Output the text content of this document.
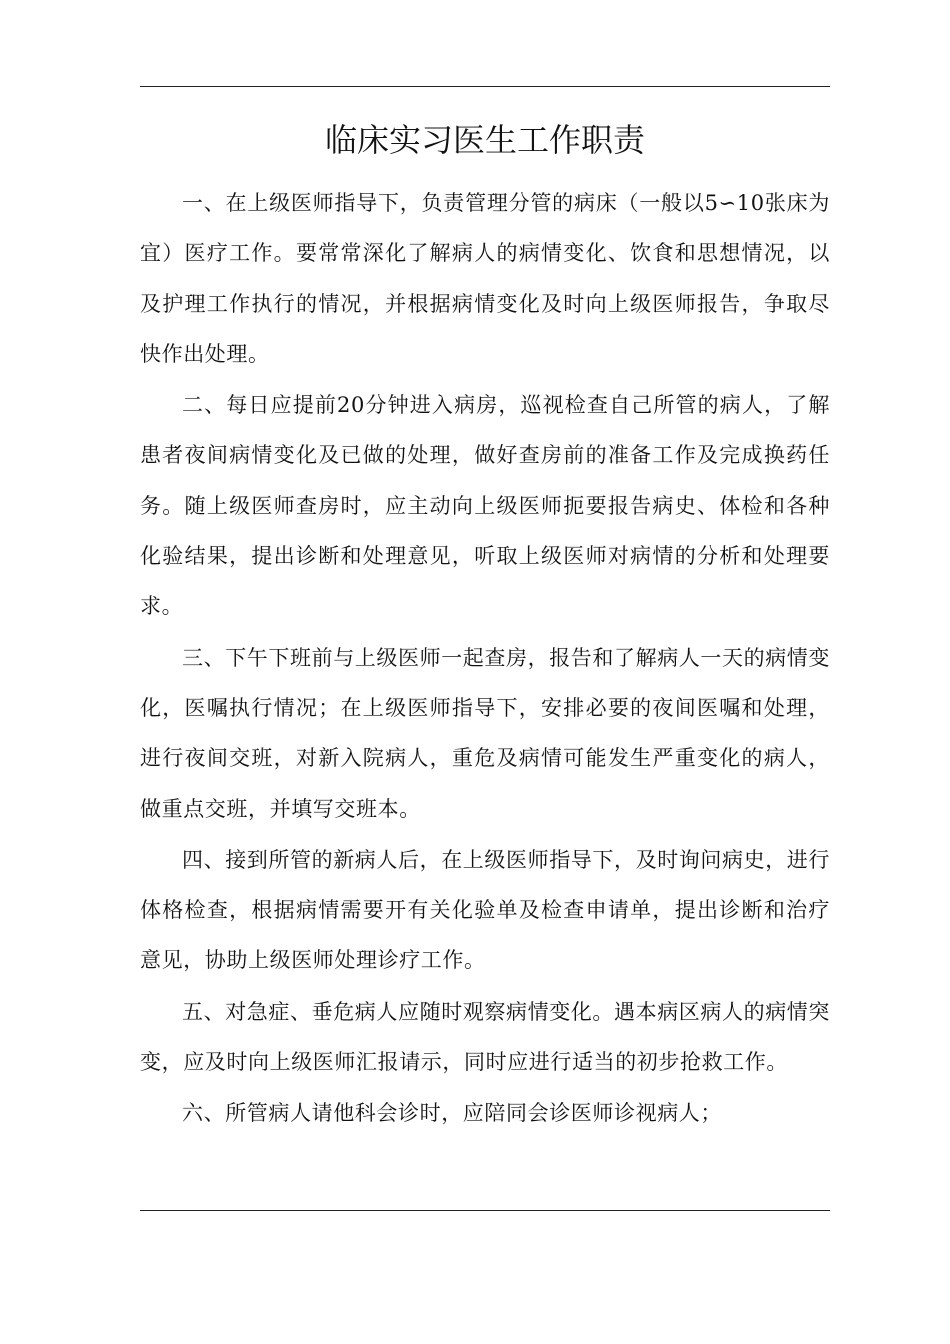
临床实习医生工作职责

一、在上级医师指导下，负责管理分管的病床（一般以5∽10张床为宜）医疗工作。要常常深化了解病人的病情变化、饮食和思想情况，以及护理工作执行的情况，并根据病情变化及时向上级医师报告，争取尽快作出处理。

二、每日应提前20分钟进入病房，巡视检查自己所管的病人，了解患者夜间病情变化及已做的处理，做好查房前的准备工作及完成换药任务。随上级医师查房时，应主动向上级医师扼要报告病史、体检和各种化验结果，提出诊断和处理意见，听取上级医师对病情的分析和处理要求。

三、下午下班前与上级医师一起查房，报告和了解病人一天的病情变化，医嘱执行情况；在上级医师指导下，安排必要的夜间医嘱和处理，进行夜间交班，对新入院病人，重危及病情可能发生严重变化的病人，做重点交班，并填写交班本。

四、接到所管的新病人后，在上级医师指导下，及时询问病史，进行体格检查，根据病情需要开有关化验单及检查申请单，提出诊断和治疗意见，协助上级医师处理诊疗工作。

五、对急症、垂危病人应随时观察病情变化。遇本病区病人的病情突变，应及时向上级医师汇报请示，同时应进行适当的初步抢救工作。

六、所管病人请他科会诊时，应陪同会诊医师诊视病人；
